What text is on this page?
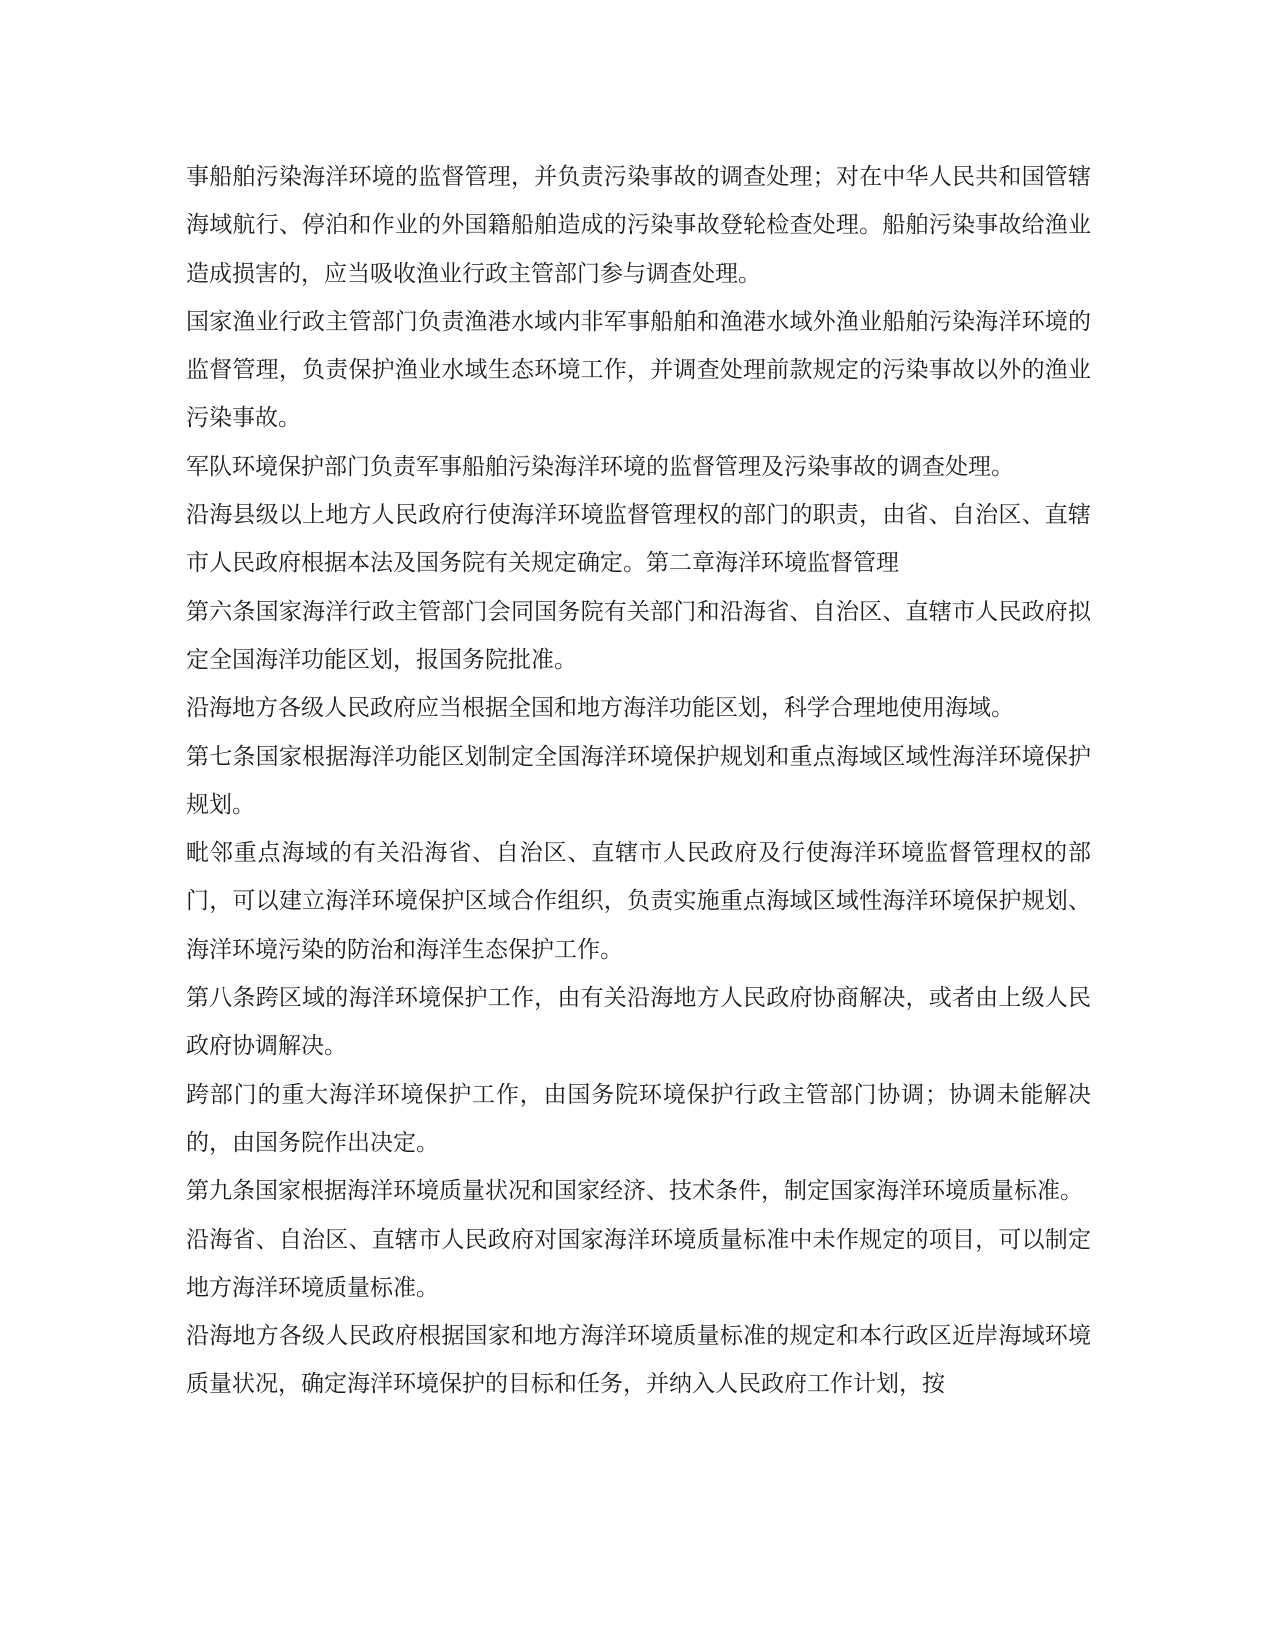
事船舶污染海洋环境的监督管理，并负责污染事故的调查处理；对在中华人民共和国管辖海域航行、停泊和作业的外国籍船舶造成的污染事故登轮检查处理。船舶污染事故给渔业造成损害的，应当吸收渔业行政主管部门参与调查处理。

国家渔业行政主管部门负责渔港水域内非军事船舶和渔港水域外渔业船舶污染海洋环境的监督管理，负责保护渔业水域生态环境工作，并调查处理前款规定的污染事故以外的渔业污染事故。

军队环境保护部门负责军事船舶污染海洋环境的监督管理及污染事故的调查处理。

沿海县级以上地方人民政府行使海洋环境监督管理权的部门的职责，由省、自治区、直辖市人民政府根据本法及国务院有关规定确定。第二章海洋环境监督管理

第六条国家海洋行政主管部门会同国务院有关部门和沿海省、自治区、直辖市人民政府拟定全国海洋功能区划，报国务院批准。

沿海地方各级人民政府应当根据全国和地方海洋功能区划，科学合理地使用海域。

第七条国家根据海洋功能区划制定全国海洋环境保护规划和重点海域区域性海洋环境保护规划。

毗邻重点海域的有关沿海省、自治区、直辖市人民政府及行使海洋环境监督管理权的部门，可以建立海洋环境保护区域合作组织，负责实施重点海域区域性海洋环境保护规划、海洋环境污染的防治和海洋生态保护工作。

第八条跨区域的海洋环境保护工作，由有关沿海地方人民政府协商解决，或者由上级人民政府协调解决。

跨部门的重大海洋环境保护工作，由国务院环境保护行政主管部门协调；协调未能解决的，由国务院作出决定。

第九条国家根据海洋环境质量状况和国家经济、技术条件，制定国家海洋环境质量标准。

沿海省、自治区、直辖市人民政府对国家海洋环境质量标准中未作规定的项目，可以制定地方海洋环境质量标准。

沿海地方各级人民政府根据国家和地方海洋环境质量标准的规定和本行政区近岸海域环境质量状况，确定海洋环境保护的目标和任务，并纳入人民政府工作计划，按
